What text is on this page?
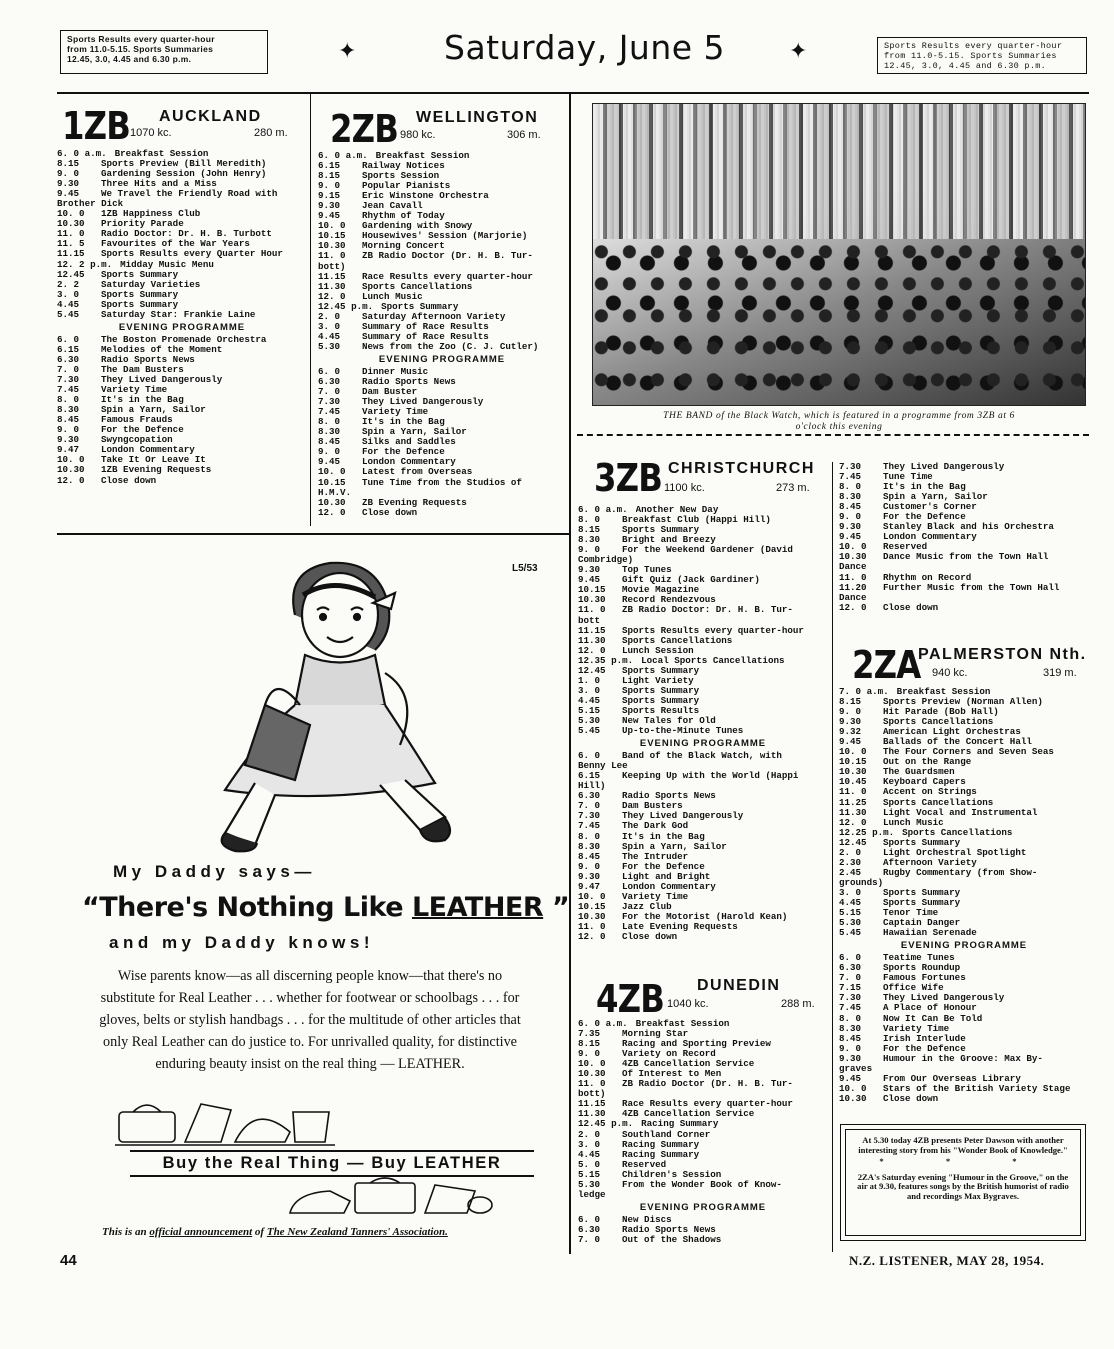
Sports Results every quarter-hour
from 11.0-5.15. Sports Summaries
12.45, 3.0, 4.45 and 6.30 p.m.	✦	Saturday, June 5	✦	Sports Results every quarter-hour
from 11.0-5.15. Sports Summaries
12.45, 3.0, 4.45 and 6.30 p.m.
1ZB	AUCKLAND
1070 kc.	280 m.
6. 0 a.m. Breakfast Session
8.15	Sports Preview (Bill Meredith)
9. 0	Gardening Session (John Henry)
9.30	Three Hits and a Miss
9.45	We Travel the Friendly Road with
Brother Dick
10. 0	1ZB Happiness Club
10.30	Priority Parade
11. 0	Radio Doctor: Dr. H. B. Turbott
11. 5	Favourites of the War Years
11.15	Sports Results every Quarter Hour
12. 2 p.m. Midday Music Menu
12.45	Sports Summary
2. 2	Saturday Varieties
3. 0	Sports Summary
4.45	Sports Summary
5.45	Saturday Star: Frankie Laine
EVENING PROGRAMME
6. 0	The Boston Promenade Orchestra
6.15	Melodies of the Moment
6.30	Radio Sports News
7. 0	The Dam Busters
7.30	They Lived Dangerously
7.45	Variety Time
8. 0	It's in the Bag
8.30	Spin a Yarn, Sailor
8.45	Famous Frauds
9. 0	For the Defence
9.30	Swyngcopation
9.47	London Commentary
10. 0	Take It Or Leave It
10.30	1ZB Evening Requests
12. 0	Close down
2ZB	WELLINGTON
980 kc.	306 m.
6. 0 a.m. Breakfast Session
6.15	Railway Notices
8.15	Sports Session
9. 0	Popular Pianists
9.15	Eric Winstone Orchestra
9.30	Jean Cavall
9.45	Rhythm of Today
10. 0	Gardening with Snowy
10.15	Housewives' Session (Marjorie)
10.30	Morning Concert
11. 0	ZB Radio Doctor (Dr. H. B. Tur-
bott)
11.15	Race Results every quarter-hour
11.30	Sports Cancellations
12. 0	Lunch Music
12.45 p.m. Sports Summary
2. 0	Saturday Afternoon Variety
3. 0	Summary of Race Results
4.45	Summary of Race Results
5.30	News from the Zoo (C. J. Cutler)
EVENING PROGRAMME
6. 0	Dinner Music
6.30	Radio Sports News
7. 0	Dam Buster
7.30	They Lived Dangerously
7.45	Variety Time
8. 0	It's in the Bag
8.30	Spin a Yarn, Sailor
8.45	Silks and Saddles
9. 0	For the Defence
9.45	London Commentary
10. 0	Latest from Overseas
10.15	Tune Time from the Studios of
H.M.V.
10.30	ZB Evening Requests
12. 0	Close down
THE BAND of the Black Watch, which is featured in a programme from 3ZB at 6
o'clock this evening
3ZB CHRISTCHURCH
1100 kc.	273 m.
6. 0 a.m. Another New Day
8. 0	Breakfast Club (Happi Hill)
8.15	Sports Summary
8.30	Bright and Breezy
9. 0	For the Weekend Gardener (David
Combridge)
9.30	Top Tunes
9.45	Gift Quiz (Jack Gardiner)
10.15	Movie Magazine
10.30	Record Rendezvous
11. 0	ZB Radio Doctor: Dr. H. B. Tur-
bott
11.15	Sports Results every quarter-hour
11.30	Sports Cancellations
12. 0	Lunch Session
12.35 p.m. Local Sports Cancellations
12.45	Sports Summary
1. 0	Light Variety
3. 0	Sports Summary
4.45	Sports Summary
5.15	Sports Results
5.30	New Tales for Old
5.45	Up-to-the-Minute Tunes
EVENING PROGRAMME
6. 0	Band of the Black Watch, with
Benny Lee
6.15	Keeping Up with the World (Happi
Hill)
6.30	Radio Sports News
7. 0	Dam Busters
7.30	They Lived Dangerously
7.45	The Dark God
8. 0	It's in the Bag
8.30	Spin a Yarn, Sailor
8.45	The Intruder
9. 0	For the Defence
9.30	Light and Bright
9.47	London Commentary
10. 0	Variety Time
10.15	Jazz Club
10.30	For the Motorist (Harold Kean)
11. 0	Late Evening Requests
12. 0	Close down
7.30	They Lived Dangerously
7.45	Tune Time
8. 0	It's in the Bag
8.30	Spin a Yarn, Sailor
8.45	Customer's Corner
9. 0	For the Defence
9.30	Stanley Black and his Orchestra
9.45	London Commentary
10. 0	Reserved
10.30	Dance Music from the Town Hall
Dance
11. 0	Rhythm on Record
11.20	Further Music from the Town Hall
Dance
12. 0	Close down
2ZA
PALMERSTON Nth.
940 kc.	319 m.
7. 0 a.m. Breakfast Session
8.15	Sports Preview (Norman Allen)
9. 0	Hit Parade (Bob Hall)
9.30	Sports Cancellations
9.32	American Light Orchestras
9.45	Ballads of the Concert Hall
10. 0	The Four Corners and Seven Seas
10.15	Out on the Range
10.30	The Guardsmen
10.45	Keyboard Capers
11. 0	Accent on Strings
11.25	Sports Cancellations
11.30	Light Vocal and Instrumental
12. 0	Lunch Music
12.25 p.m. Sports Cancellations
12.45	Sports Summary
2. 0	Light Orchestral Spotlight
2.30	Afternoon Variety
2.45	Rugby Commentary (from Show-
grounds)
3. 0	Sports Summary
4.45	Sports Summary
5.15	Tenor Time
5.30	Captain Danger
5.45	Hawaiian Serenade
EVENING PROGRAMME
6. 0	Teatime Tunes
6.30	Sports Roundup
7. 0	Famous Fortunes
7.15	Office Wife
7.30	They Lived Dangerously
7.45	A Place of Honour
8. 0	Now It Can Be Told
8.30	Variety Time
8.45	Irish Interlude
9. 0	For the Defence
9.30	Humour in the Groove: Max By-
graves
9.45	From Our Overseas Library
10. 0	Stars of the British Variety Stage
10.30	Close down
4ZB	DUNEDIN
1040 kc.	288 m.
6. 0 a.m. Breakfast Session
7.35	Morning Star
8.15	Racing and Sporting Preview
9. 0	Variety on Record
10. 0	4ZB Cancellation Service
10.30	Of Interest to Men
11. 0	ZB Radio Doctor (Dr. H. B. Tur-
bott)
11.15	Race Results every quarter-hour
11.30	4ZB Cancellation Service
12.45 p.m. Racing Summary
2. 0	Southland Corner
3. 0	Racing Summary
4.45	Racing Summary
5. 0	Reserved
5.15	Children's Session
5.30	From the Wonder Book of Know-
ledge
EVENING PROGRAMME
6. 0	New Discs
6.30	Radio Sports News
7. 0	Out of the Shadows
At 5.30 today 4ZB presents Peter Dawson with another interesting story from his "Wonder Book of Knowledge."
* * *
2ZA's Saturday evening "Humour in the Groove," on the air at 9.30, features songs by the British humorist of radio and recordings Max Bygraves.
L5/53
My Daddy says—
“There's Nothing Like LEATHER ”
and my Daddy knows!
Wise parents know—as all discerning people know—that there's no substitute for Real Leather . . . whether for footwear or schoolbags . . . for gloves, belts or stylish handbags . . . for the multitude of other articles that only Real Leather can do justice to. For unrivalled quality, for distinctive enduring beauty insist on the real thing — LEATHER.
Buy the Real Thing — Buy LEATHER
This is an official announcement of The New Zealand Tanners' Association.
44	N.Z. LISTENER, MAY 28, 1954.
